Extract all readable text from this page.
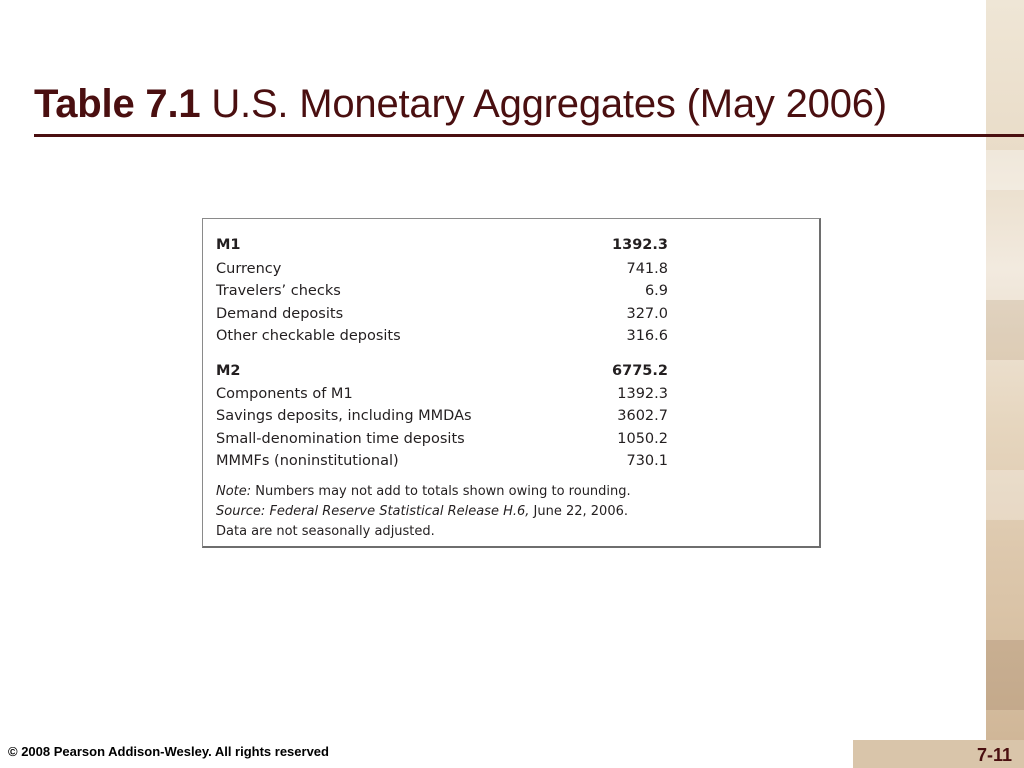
Table 7.1 U.S. Monetary Aggregates (May 2006)
M1	1392.3
Currency	741.8
Travelers’ checks	6.9
Demand deposits	327.0
Other checkable deposits	316.6
M2	6775.2
Components of M1	1392.3
Savings deposits, including MMDAs	3602.7
Small-denomination time deposits	1050.2
MMMFs (noninstitutional)	730.1
Note: Numbers may not add to totals shown owing to rounding.
Source: Federal Reserve Statistical Release H.6, June 22, 2006.
Data are not seasonally adjusted.
© 2008 Pearson Addison-Wesley. All rights reserved	7-11
